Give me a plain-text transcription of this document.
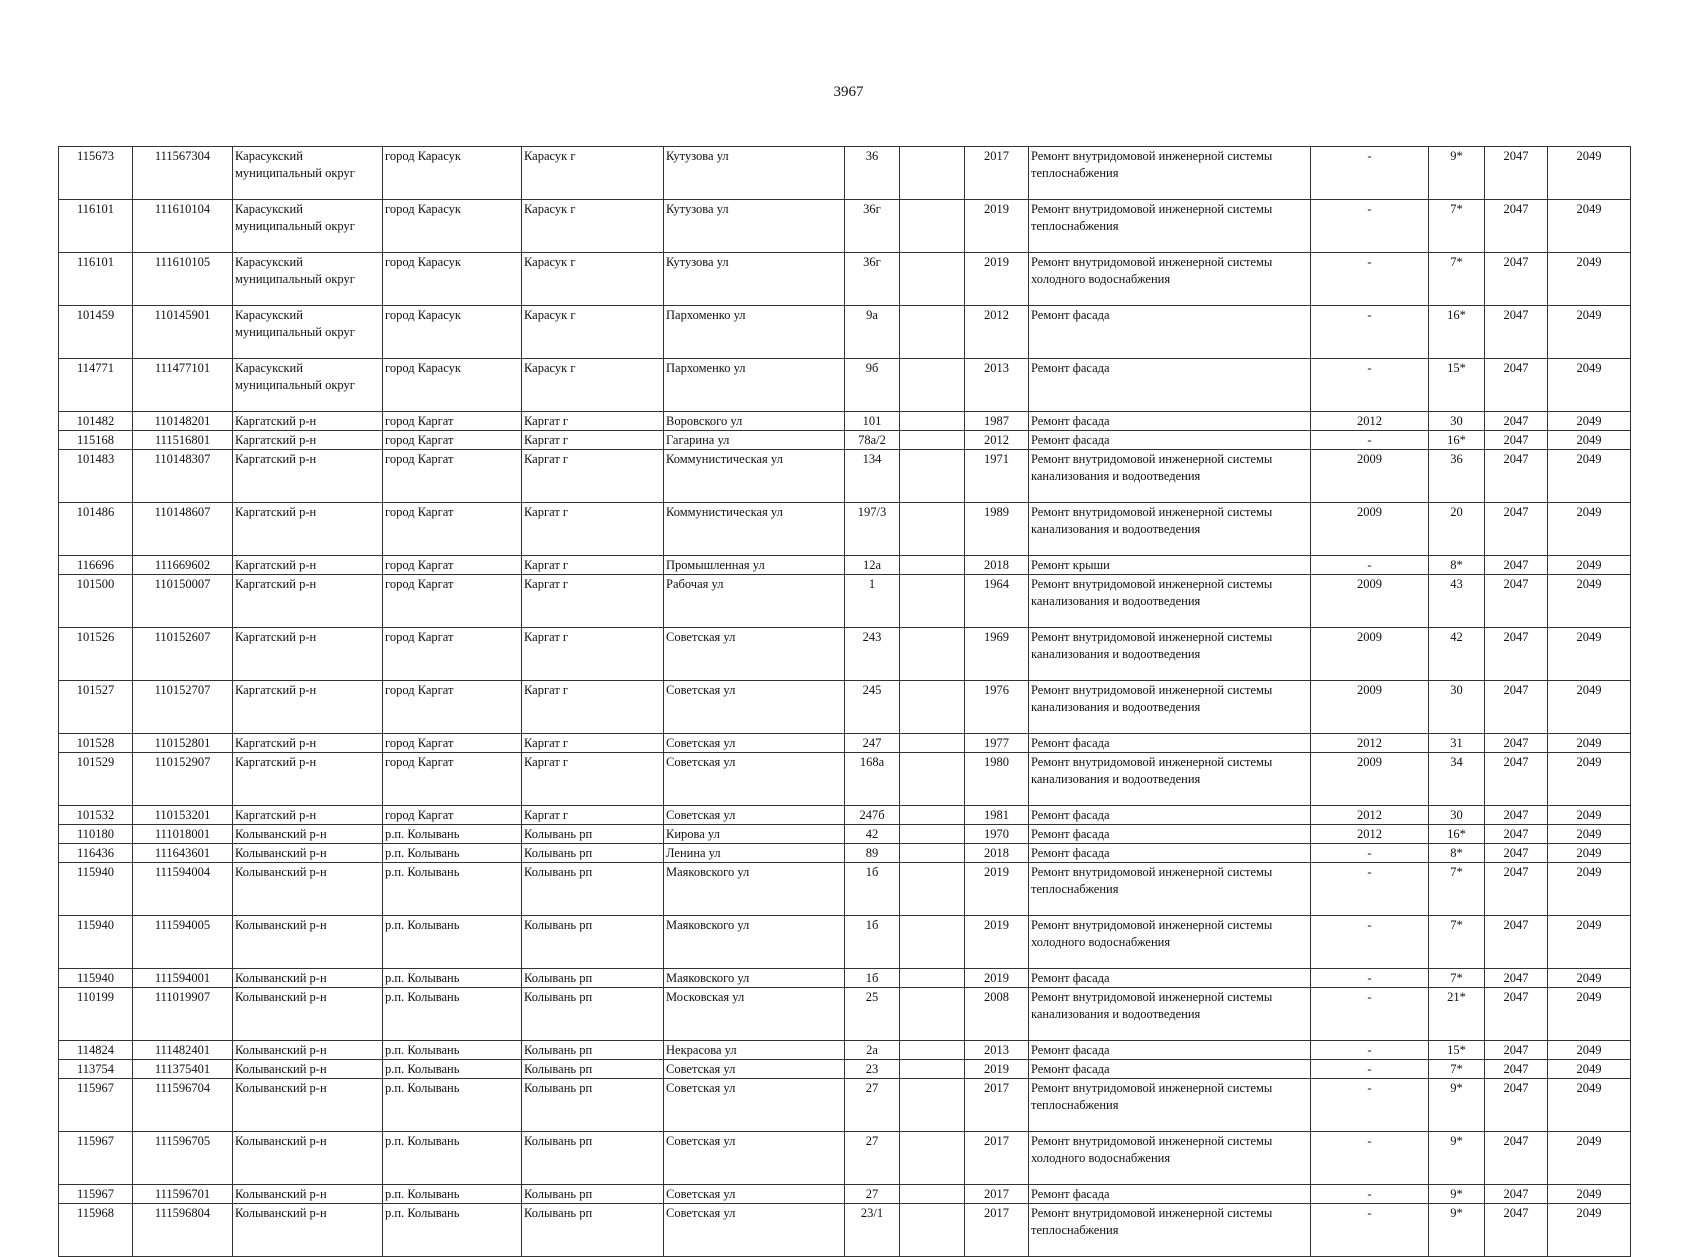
3967
115673	111567304	Карасукский муниципальный округ	город Карасук	Карасук г	Кутузова ул	36		2017	Ремонт внутридомовой инженерной системы теплоснабжения	-	9*	2047	2049
116101	111610104	Карасукский муниципальный округ	город Карасук	Карасук г	Кутузова ул	36г		2019	Ремонт внутридомовой инженерной системы теплоснабжения	-	7*	2047	2049
116101	111610105	Карасукский муниципальный округ	город Карасук	Карасук г	Кутузова ул	36г		2019	Ремонт внутридомовой инженерной системы холодного водоснабжения	-	7*	2047	2049
101459	110145901	Карасукский муниципальный округ	город Карасук	Карасук г	Пархоменко ул	9а		2012	Ремонт фасада	-	16*	2047	2049
114771	111477101	Карасукский муниципальный округ	город Карасук	Карасук г	Пархоменко ул	9б		2013	Ремонт фасада	-	15*	2047	2049
101482	110148201	Каргатский р-н	город Каргат	Каргат г	Воровского ул	101		1987	Ремонт фасада	2012	30	2047	2049
115168	111516801	Каргатский р-н	город Каргат	Каргат г	Гагарина ул	78а/2		2012	Ремонт фасада	-	16*	2047	2049
101483	110148307	Каргатский р-н	город Каргат	Каргат г	Коммунистическая ул	134		1971	Ремонт внутридомовой инженерной системы канализования и водоотведения	2009	36	2047	2049
101486	110148607	Каргатский р-н	город Каргат	Каргат г	Коммунистическая ул	197/3		1989	Ремонт внутридомовой инженерной системы канализования и водоотведения	2009	20	2047	2049
116696	111669602	Каргатский р-н	город Каргат	Каргат г	Промышленная ул	12а		2018	Ремонт крыши	-	8*	2047	2049
101500	110150007	Каргатский р-н	город Каргат	Каргат г	Рабочая ул	1		1964	Ремонт внутридомовой инженерной системы канализования и водоотведения	2009	43	2047	2049
101526	110152607	Каргатский р-н	город Каргат	Каргат г	Советская ул	243		1969	Ремонт внутридомовой инженерной системы канализования и водоотведения	2009	42	2047	2049
101527	110152707	Каргатский р-н	город Каргат	Каргат г	Советская ул	245		1976	Ремонт внутридомовой инженерной системы канализования и водоотведения	2009	30	2047	2049
101528	110152801	Каргатский р-н	город Каргат	Каргат г	Советская ул	247		1977	Ремонт фасада	2012	31	2047	2049
101529	110152907	Каргатский р-н	город Каргат	Каргат г	Советская ул	168а		1980	Ремонт внутридомовой инженерной системы канализования и водоотведения	2009	34	2047	2049
101532	110153201	Каргатский р-н	город Каргат	Каргат г	Советская ул	247б		1981	Ремонт фасада	2012	30	2047	2049
110180	111018001	Колыванский р-н	р.п. Колывань	Колывань рп	Кирова ул	42		1970	Ремонт фасада	2012	16*	2047	2049
116436	111643601	Колыванский р-н	р.п. Колывань	Колывань рп	Ленина ул	89		2018	Ремонт фасада	-	8*	2047	2049
115940	111594004	Колыванский р-н	р.п. Колывань	Колывань рп	Маяковского ул	1б		2019	Ремонт внутридомовой инженерной системы теплоснабжения	-	7*	2047	2049
115940	111594005	Колыванский р-н	р.п. Колывань	Колывань рп	Маяковского ул	1б		2019	Ремонт внутридомовой инженерной системы холодного водоснабжения	-	7*	2047	2049
115940	111594001	Колыванский р-н	р.п. Колывань	Колывань рп	Маяковского ул	1б		2019	Ремонт фасада	-	7*	2047	2049
110199	111019907	Колыванский р-н	р.п. Колывань	Колывань рп	Московская ул	25		2008	Ремонт внутридомовой инженерной системы канализования и водоотведения	-	21*	2047	2049
114824	111482401	Колыванский р-н	р.п. Колывань	Колывань рп	Некрасова ул	2а		2013	Ремонт фасада	-	15*	2047	2049
113754	111375401	Колыванский р-н	р.п. Колывань	Колывань рп	Советская ул	23		2019	Ремонт фасада	-	7*	2047	2049
115967	111596704	Колыванский р-н	р.п. Колывань	Колывань рп	Советская ул	27		2017	Ремонт внутридомовой инженерной системы теплоснабжения	-	9*	2047	2049
115967	111596705	Колыванский р-н	р.п. Колывань	Колывань рп	Советская ул	27		2017	Ремонт внутридомовой инженерной системы холодного водоснабжения	-	9*	2047	2049
115967	111596701	Колыванский р-н	р.п. Колывань	Колывань рп	Советская ул	27		2017	Ремонт фасада	-	9*	2047	2049
115968	111596804	Колыванский р-н	р.п. Колывань	Колывань рп	Советская ул	23/1		2017	Ремонт внутридомовой инженерной системы теплоснабжения	-	9*	2047	2049
